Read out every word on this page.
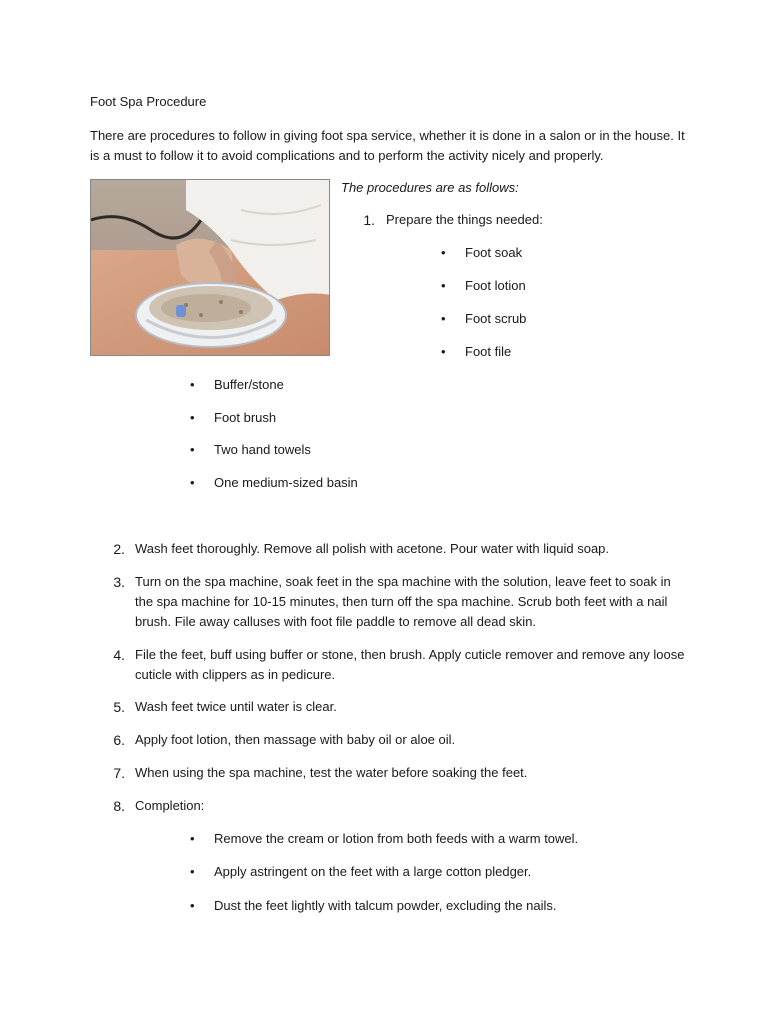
Foot Spa Procedure
There are procedures to follow in giving foot spa service, whether it is done in a salon or in the house. It is a must to follow it to avoid complications and to perform the activity nicely and properly.
The procedures are as follows:
1. Prepare the things needed:
• Foot soak
• Foot lotion
• Foot scrub
• Foot file
• Buffer/stone
• Foot brush
• Two hand towels
• One medium-sized basin
2. Wash feet thoroughly. Remove all polish with acetone. Pour water with liquid soap.
3. Turn on the spa machine, soak feet in the spa machine with the solution, leave feet to soak in the spa machine for 10-15 minutes, then turn off the spa machine. Scrub both feet with a nail brush. File away calluses with foot file paddle to remove all dead skin.
4. File the feet, buff using buffer or stone, then brush. Apply cuticle remover and remove any loose cuticle with clippers as in pedicure.
5. Wash feet twice until water is clear.
6. Apply foot lotion, then massage with baby oil or aloe oil.
7. When using the spa machine, test the water before soaking the feet.
8. Completion:
• Remove the cream or lotion from both feeds with a warm towel.
• Apply astringent on the feet with a large cotton pledger.
• Dust the feet lightly with talcum powder, excluding the nails.
